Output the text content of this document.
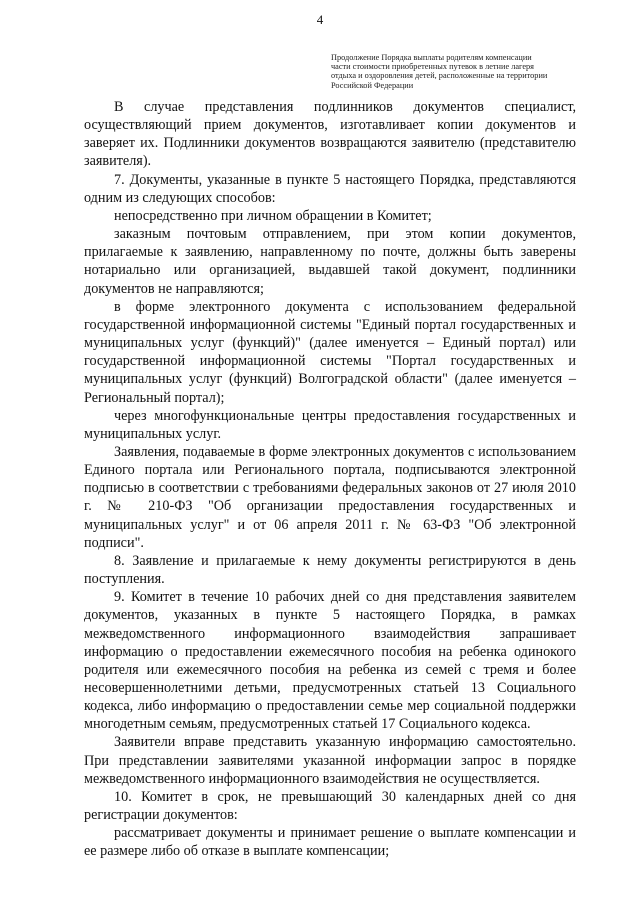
4
Продолжение Порядка выплаты родителям компенсации
части стоимости приобретенных путевок в летние лагеря
отдыха и оздоровления детей, расположенные на территории
Российской Федерации

В случае представления подлинников документов специалист, осуществляющий прием документов, изготавливает копии документов и заверяет их. Подлинники документов возвращаются заявителю (представителю заявителя).

7. Документы, указанные в пункте 5 настоящего Порядка, представляются одним из следующих способов:

непосредственно при личном обращении в Комитет;

заказным почтовым отправлением, при этом копии документов, прилагаемые к заявлению, направленному по почте, должны быть заверены нотариально или организацией, выдавшей такой документ, подлинники документов не направляются;

в форме электронного документа с использованием федеральной государственной информационной системы "Единый портал государственных и муниципальных услуг (функций)" (далее именуется – Единый портал) или государственной информационной системы "Портал государственных и муниципальных услуг (функций) Волгоградской области" (далее именуется – Региональный портал);

через многофункциональные центры предоставления государственных и муниципальных услуг.

Заявления, подаваемые в форме электронных документов с использованием Единого портала или Регионального портала, подписываются электронной подписью в соответствии с требованиями федеральных законов от 27 июля 2010 г. № 210-ФЗ "Об организации предоставления государственных и муниципальных услуг" и от 06 апреля 2011 г. № 63-ФЗ "Об электронной подписи".

8. Заявление и прилагаемые к нему документы регистрируются в день поступления.

9. Комитет в течение 10 рабочих дней со дня представления заявителем документов, указанных в пункте 5 настоящего Порядка, в рамках межведомственного информационного взаимодействия запрашивает информацию о предоставлении ежемесячного пособия на ребенка одинокого родителя или ежемесячного пособия на ребенка из семей с тремя и более несовершеннолетними детьми, предусмотренных статьей 13 Социального кодекса, либо информацию о предоставлении семье мер социальной поддержки многодетным семьям, предусмотренных статьей 17 Социального кодекса.

Заявители вправе представить указанную информацию самостоятельно. При представлении заявителями указанной информации запрос в порядке межведомственного информационного взаимодействия не осуществляется.

10. Комитет в срок, не превышающий 30 календарных дней со дня регистрации документов:

рассматривает документы и принимает решение о выплате компенсации и ее размере либо об отказе в выплате компенсации;
